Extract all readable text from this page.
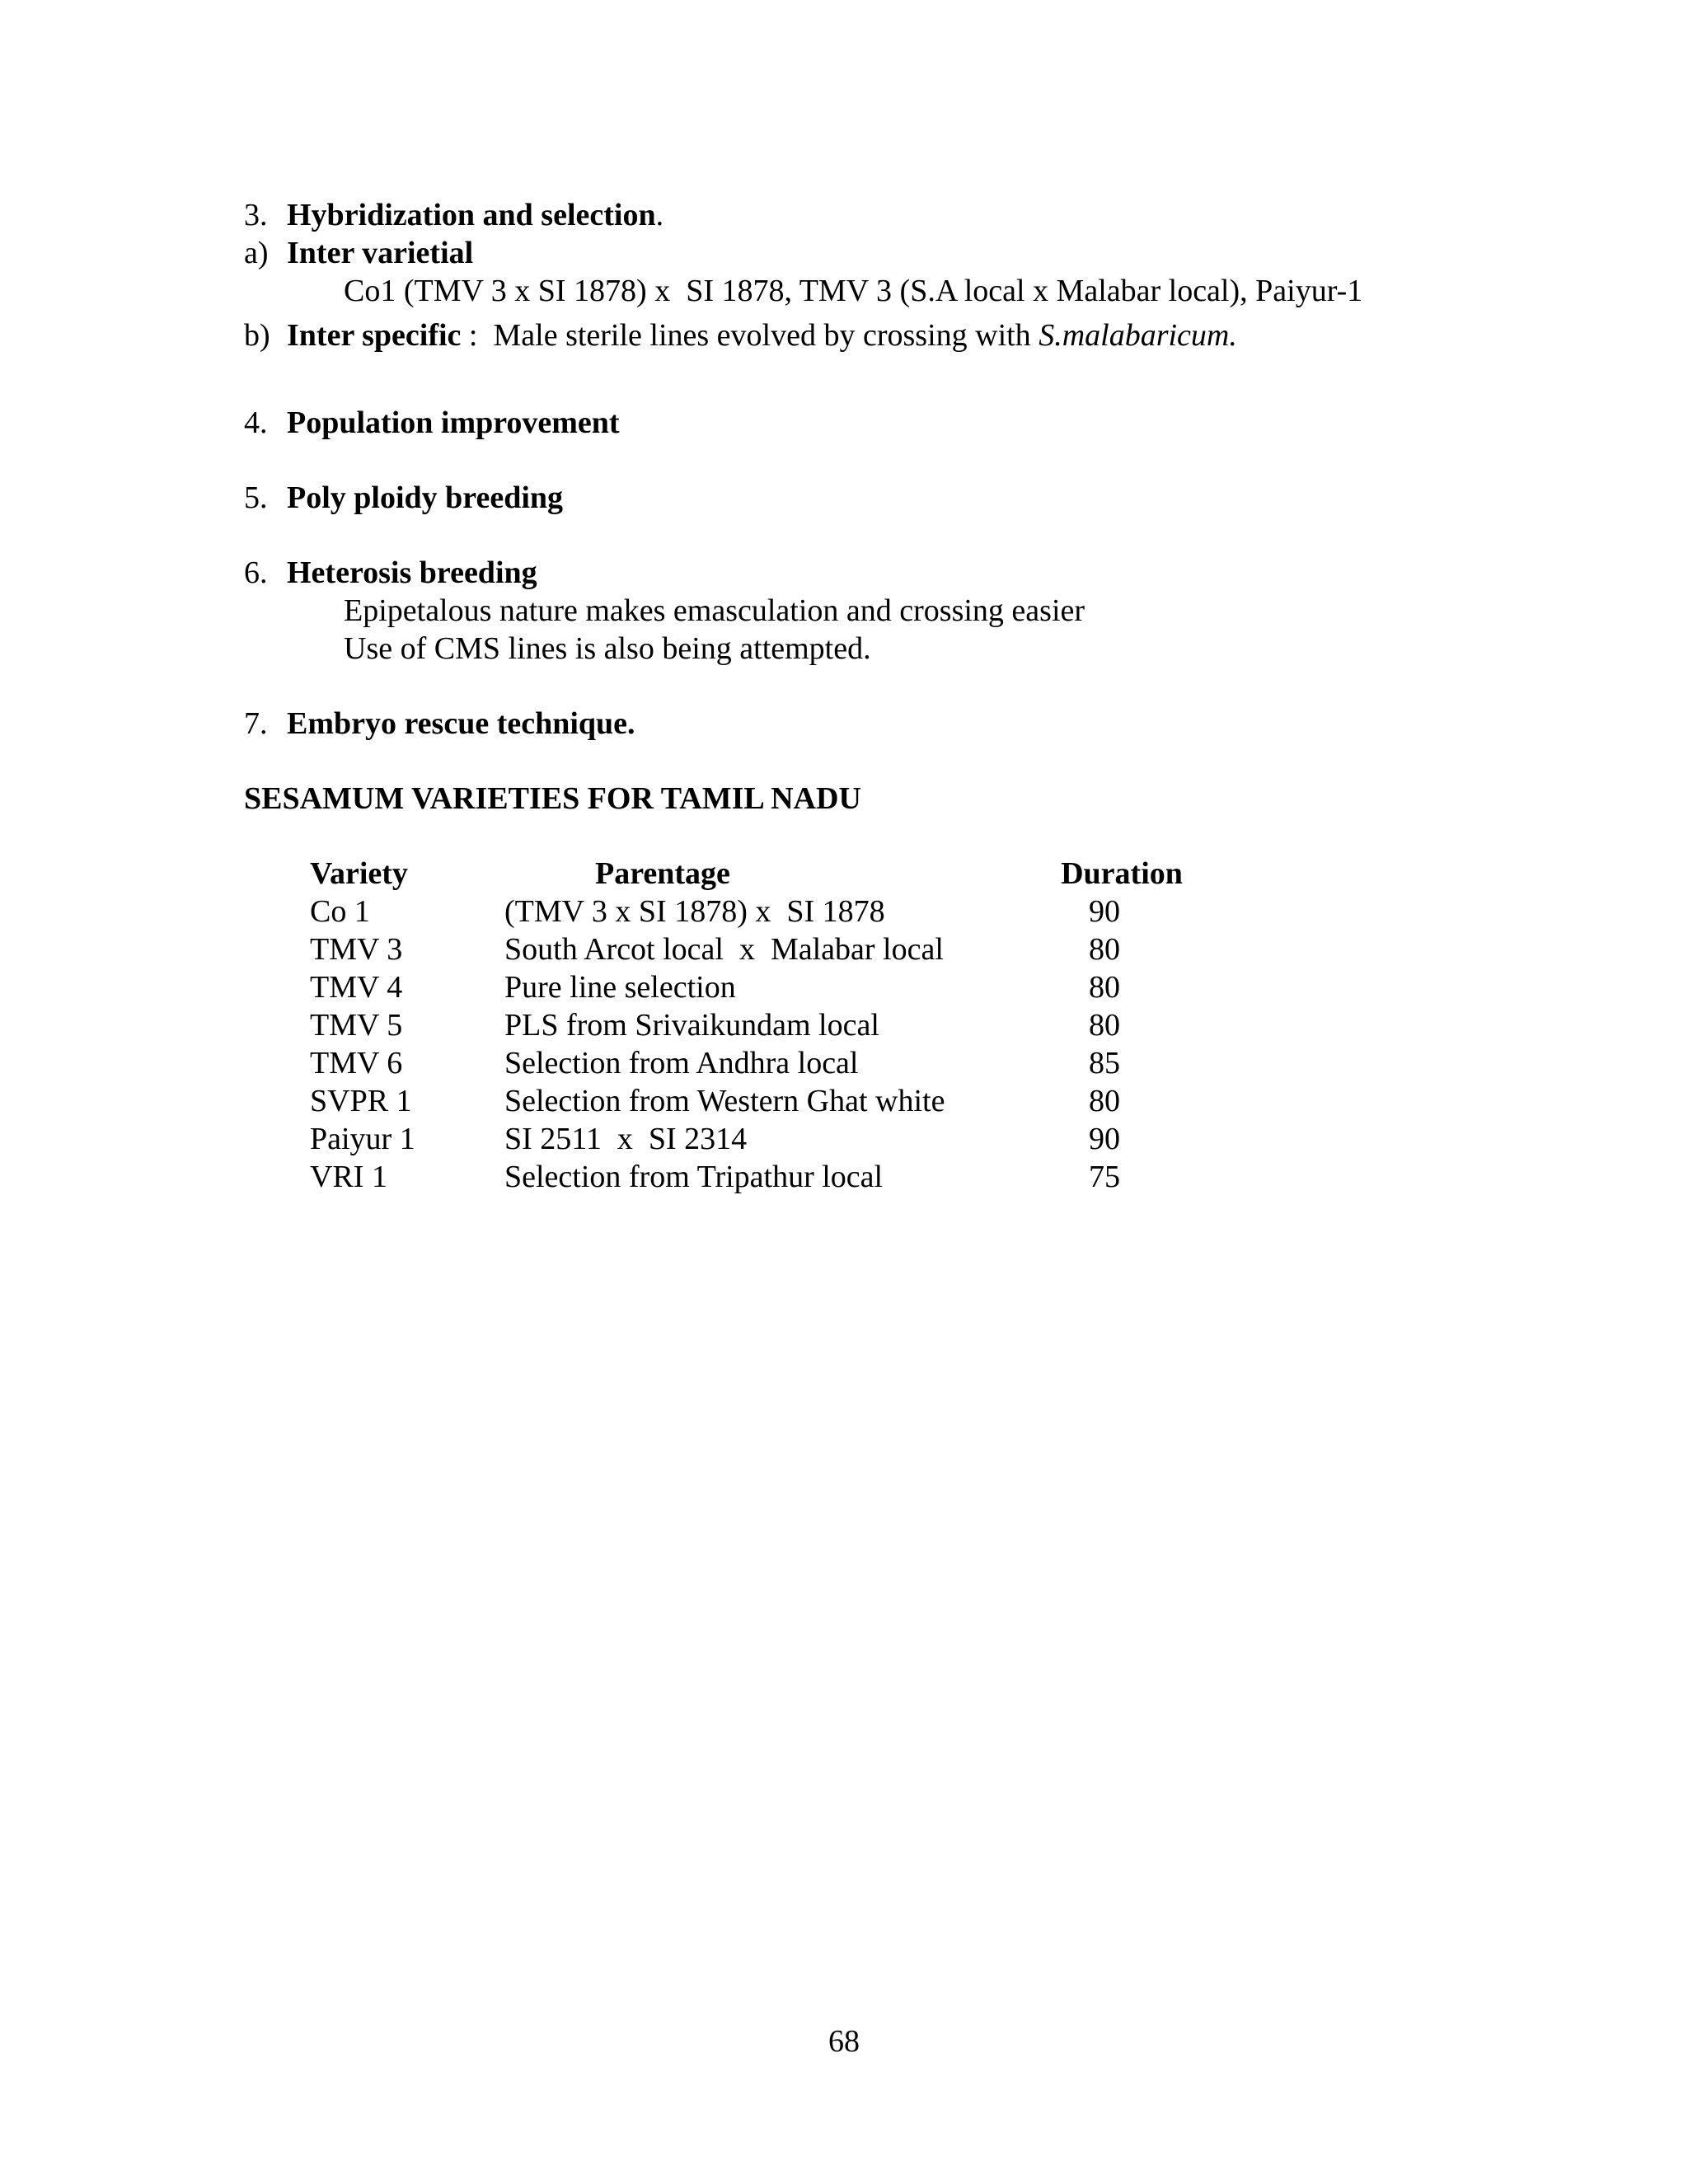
3. Hybridization and selection.
a) Inter varietial
Co1 (TMV 3 x SI 1878) x  SI 1878, TMV 3 (S.A local x Malabar local), Paiyur-1
b) Inter specific :  Male sterile lines evolved by crossing with S.malabaricum.
4. Population improvement
5. Poly ploidy breeding
6. Heterosis breeding
Epipetalous nature makes emasculation and crossing easier
Use of CMS lines is also being attempted.
7. Embryo rescue technique.
SESAMUM VARIETIES FOR TAMIL NADU
Variety	Parentage	Duration
Co 1	(TMV 3 x SI 1878) x  SI 1878	90
TMV 3	South Arcot local  x  Malabar local	80
TMV 4	Pure line selection	80
TMV 5	PLS from Srivaikundam local	80
TMV 6	Selection from Andhra local	85
SVPR 1	Selection from Western Ghat white	80
Paiyur 1	SI 2511  x  SI 2314	90
VRI 1	Selection from Tripathur local	75
68
